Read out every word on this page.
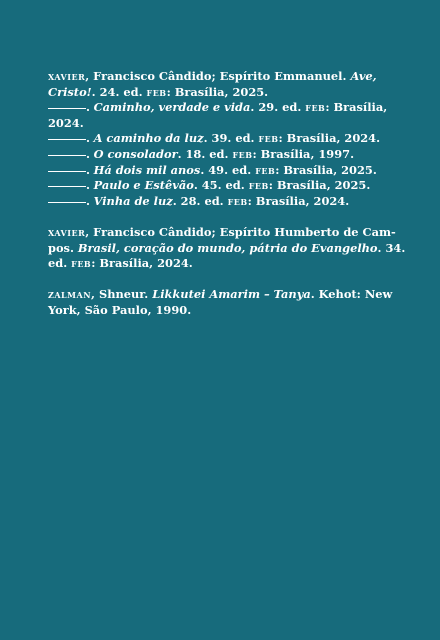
xavier, Francisco Cândido; Espírito Emmanuel. Ave,
Cristo!. 24. ed. feb: Brasília, 2025.
. Caminho, verdade e vida. 29. ed. feb: Brasília,
2024.
. A caminho da luz. 39. ed. feb: Brasília, 2024.
. O consolador. 18. ed. feb: Brasília, 1997.
. Há dois mil anos. 49. ed. feb: Brasília, 2025.
. Paulo e Estêvão. 45. ed. feb: Brasília, 2025.
. Vinha de luz. 28. ed. feb: Brasília, 2024.
xavier, Francisco Cândido; Espírito Humberto de Cam-
pos. Brasil, coração do mundo, pátria do Evangelho. 34.
ed. feb: Brasília, 2024.
zalman, Shneur. Likkutei Amarim – Tanya. Kehot: New
York, São Paulo, 1990.
